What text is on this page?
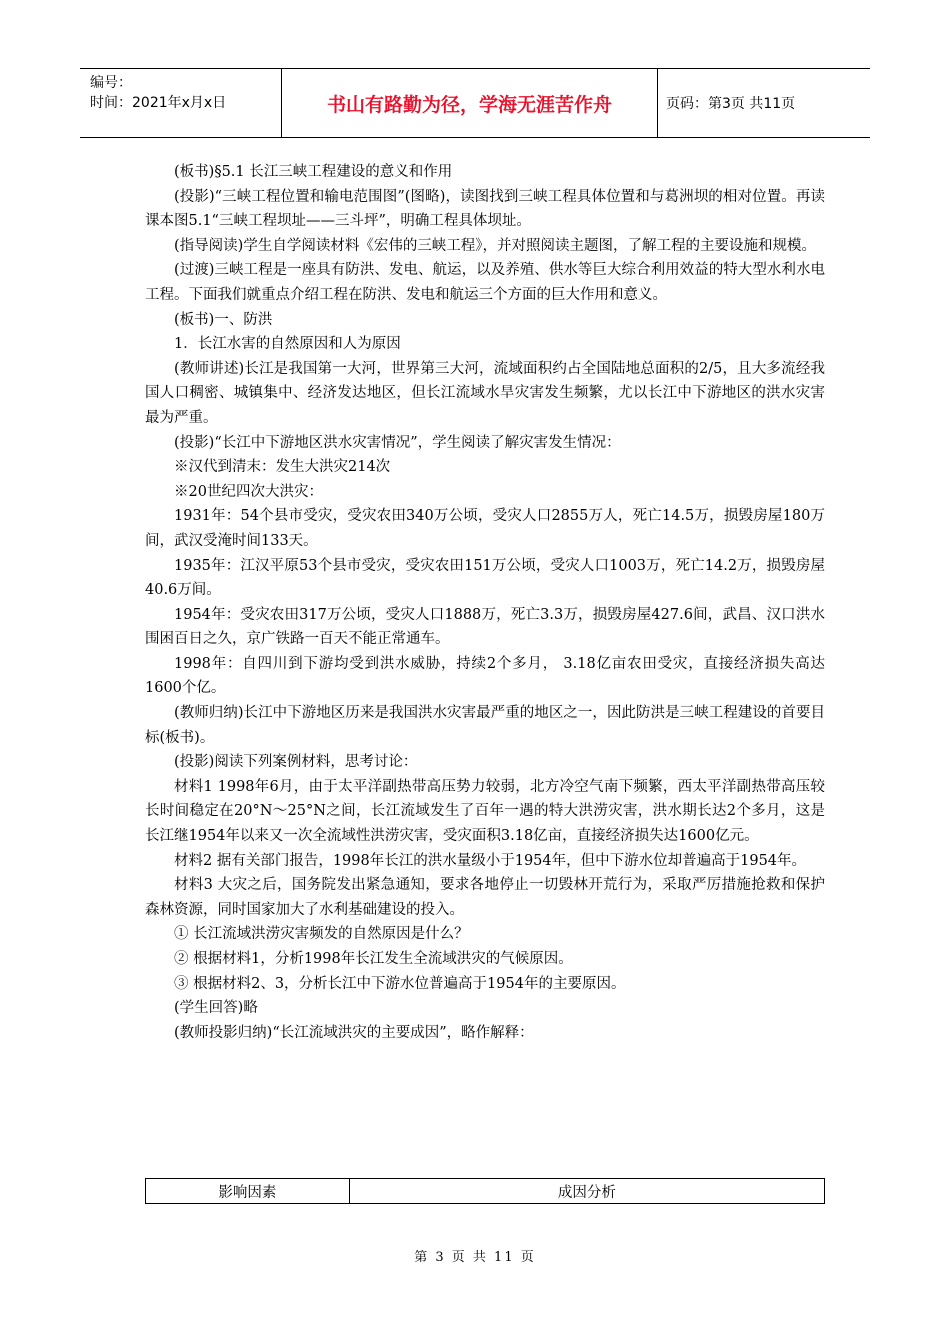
编号：
时间：2021年x月x日	书山有路勤为径，学海无涯苦作舟	页码：第3页 共11页

(板书)§5.1 长江三峡工程建设的意义和作用

(投影)“三峡工程位置和输电范围图”(图略)，读图找到三峡工程具体位置和与葛洲坝的相对位置。再读课本图5.1“三峡工程坝址——三斗坪”，明确工程具体坝址。

(指导阅读)学生自学阅读材料《宏伟的三峡工程》，并对照阅读主题图，了解工程的主要设施和规模。

(过渡)三峡工程是一座具有防洪、发电、航运，以及养殖、供水等巨大综合利用效益的特大型水利水电工程。下面我们就重点介绍工程在防洪、发电和航运三个方面的巨大作用和意义。

(板书)一、防洪

1．长江水害的自然原因和人为原因

(教师讲述)长江是我国第一大河，世界第三大河，流域面积约占全国陆地总面积的2/5，且大多流经我国人口稠密、城镇集中、经济发达地区，但长江流域水旱灾害发生频繁，尤以长江中下游地区的洪水灾害最为严重。

(投影)“长江中下游地区洪水灾害情况”，学生阅读了解灾害发生情况：

※汉代到清末：发生大洪灾214次

※20世纪四次大洪灾：

1931年：54个县市受灾，受灾农田340万公顷，受灾人口2855万人，死亡14.5万，损毁房屋180万间，武汉受淹时间133天。

1935年：江汉平原53个县市受灾，受灾农田151万公顷，受灾人口1003万，死亡14.2万，损毁房屋40.6万间。

1954年：受灾农田317万公顷，受灾人口1888万，死亡3.3万，损毁房屋427.6间，武昌、汉口洪水围困百日之久，京广铁路一百天不能正常通车。

1998年：自四川到下游均受到洪水威胁，持续2个多月， 3.18亿亩农田受灾，直接经济损失高达1600个亿。

(教师归纳)长江中下游地区历来是我国洪水灾害最严重的地区之一，因此防洪是三峡工程建设的首要目标(板书)。

(投影)阅读下列案例材料，思考讨论：

材料1 1998年6月，由于太平洋副热带高压势力较弱，北方冷空气南下频繁，西太平洋副热带高压较长时间稳定在20°N～25°N之间，长江流域发生了百年一遇的特大洪涝灾害，洪水期长达2个多月，这是长江继1954年以来又一次全流域性洪涝灾害，受灾面积3.18亿亩，直接经济损失达1600亿元。

材料2 据有关部门报告，1998年长江的洪水量级小于1954年，但中下游水位却普遍高于1954年。

材料3 大灾之后，国务院发出紧急通知，要求各地停止一切毁林开荒行为，采取严厉措施抢救和保护森林资源，同时国家加大了水利基础建设的投入。

① 长江流域洪涝灾害频发的自然原因是什么？

② 根据材料1，分析1998年长江发生全流域洪灾的气候原因。

③ 根据材料2、3，分析长江中下游水位普遍高于1954年的主要原因。

(学生回答)略

(教师投影归纳)“长江流域洪灾的主要成因”，略作解释：

影响因素	成因分析
第 3 页 共 11 页
